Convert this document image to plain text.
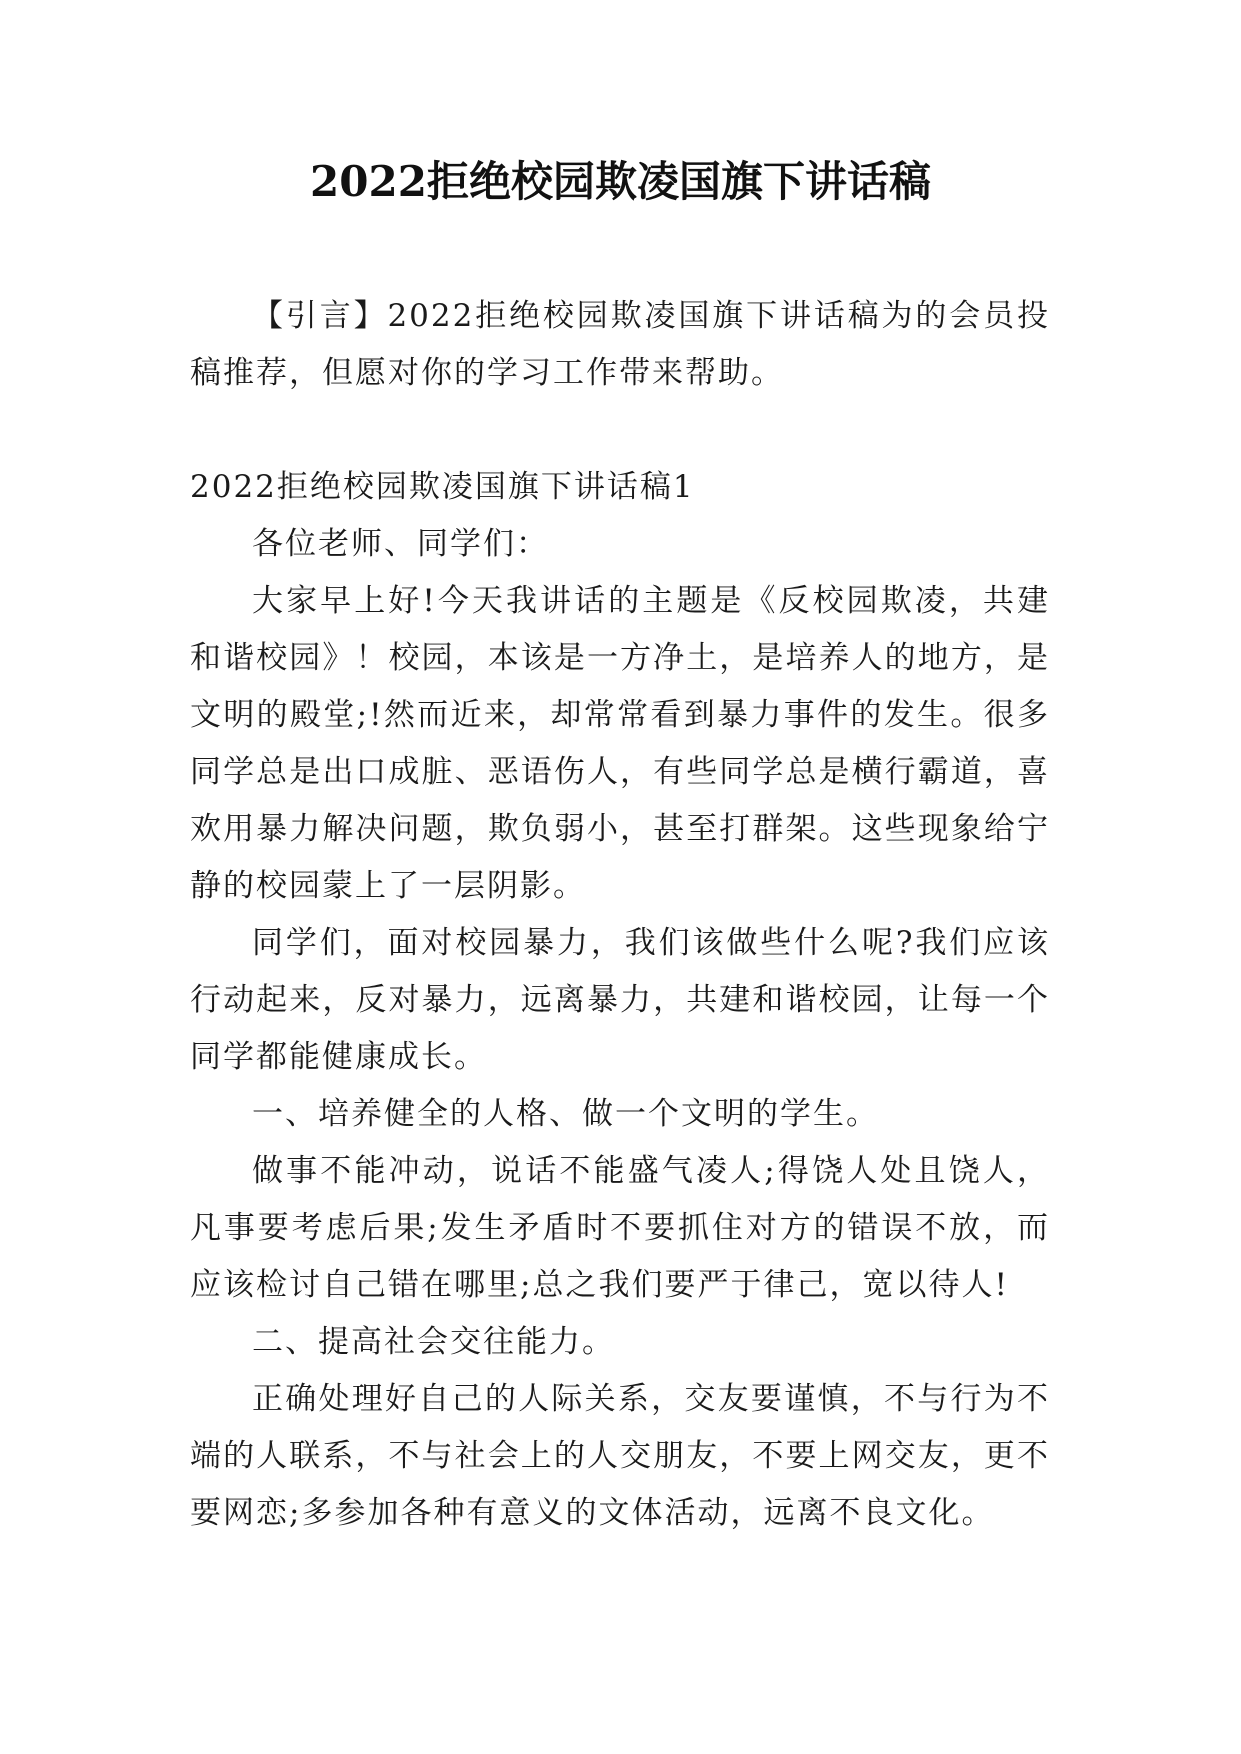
2022拒绝校园欺凌国旗下讲话稿

【引言】2022拒绝校园欺凌国旗下讲话稿为的会员投稿推荐，但愿对你的学习工作带来帮助。

2022拒绝校园欺凌国旗下讲话稿1

各位老师、同学们：

大家早上好!今天我讲话的主题是《反校园欺凌，共建和谐校园》！校园，本该是一方净土，是培养人的地方，是文明的殿堂;!然而近来，却常常看到暴力事件的发生。很多同学总是出口成脏、恶语伤人，有些同学总是横行霸道，喜欢用暴力解决问题，欺负弱小，甚至打群架。这些现象给宁静的校园蒙上了一层阴影。

同学们，面对校园暴力，我们该做些什么呢?我们应该行动起来，反对暴力，远离暴力，共建和谐校园，让每一个同学都能健康成长。

一、培养健全的人格、做一个文明的学生。

做事不能冲动，说话不能盛气凌人;得饶人处且饶人，凡事要考虑后果;发生矛盾时不要抓住对方的错误不放，而应该检讨自己错在哪里;总之我们要严于律己，宽以待人!

二、提高社会交往能力。

正确处理好自己的人际关系，交友要谨慎，不与行为不端的人联系，不与社会上的人交朋友，不要上网交友，更不要网恋;多参加各种有意义的文体活动，远离不良文化。
